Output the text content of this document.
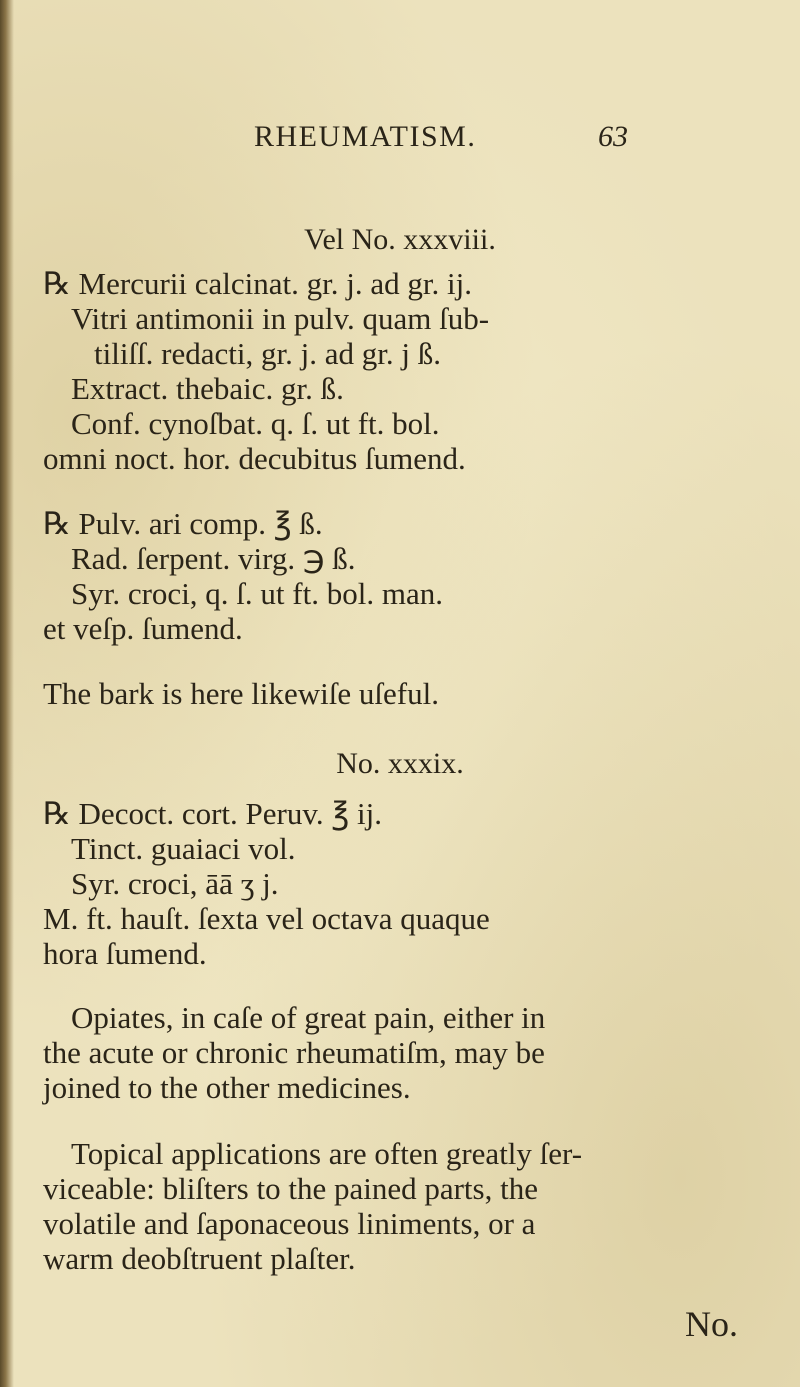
RHEUMATISM.	63
Vel No. xxxviii.
℞ Mercurii calcinat. gr. j. ad gr. ij.
Vitri antimonii in pulv. quam ſub-
tiliſſ. redacti, gr. j. ad gr. j ß.
Extract. thebaic. gr. ß.
Conf. cynoſbat. q. ſ. ut ft. bol.
omni noct. hor. decubitus ſumend.
℞ Pulv. ari comp. ℥ ß.
Rad. ſerpent. virg. ℈ ß.
Syr. croci, q. ſ. ut ft. bol. man.
et veſp. ſumend.
The bark is here likewiſe uſeful.
No. xxxix.
℞ Decoct. cort. Peruv. ℥ ij.
Tinct. guaiaci vol.
Syr. croci, āā ʒ j.
M. ft. hauſt. ſexta vel octava quaque
hora ſumend.
Opiates, in caſe of great pain, either in
the acute or chronic rheumatiſm, may be
joined to the other medicines.
Topical applications are often greatly ſer-
viceable: bliſters to the pained parts, the
volatile and ſaponaceous liniments, or a
warm deobſtruent plaſter.
No.
